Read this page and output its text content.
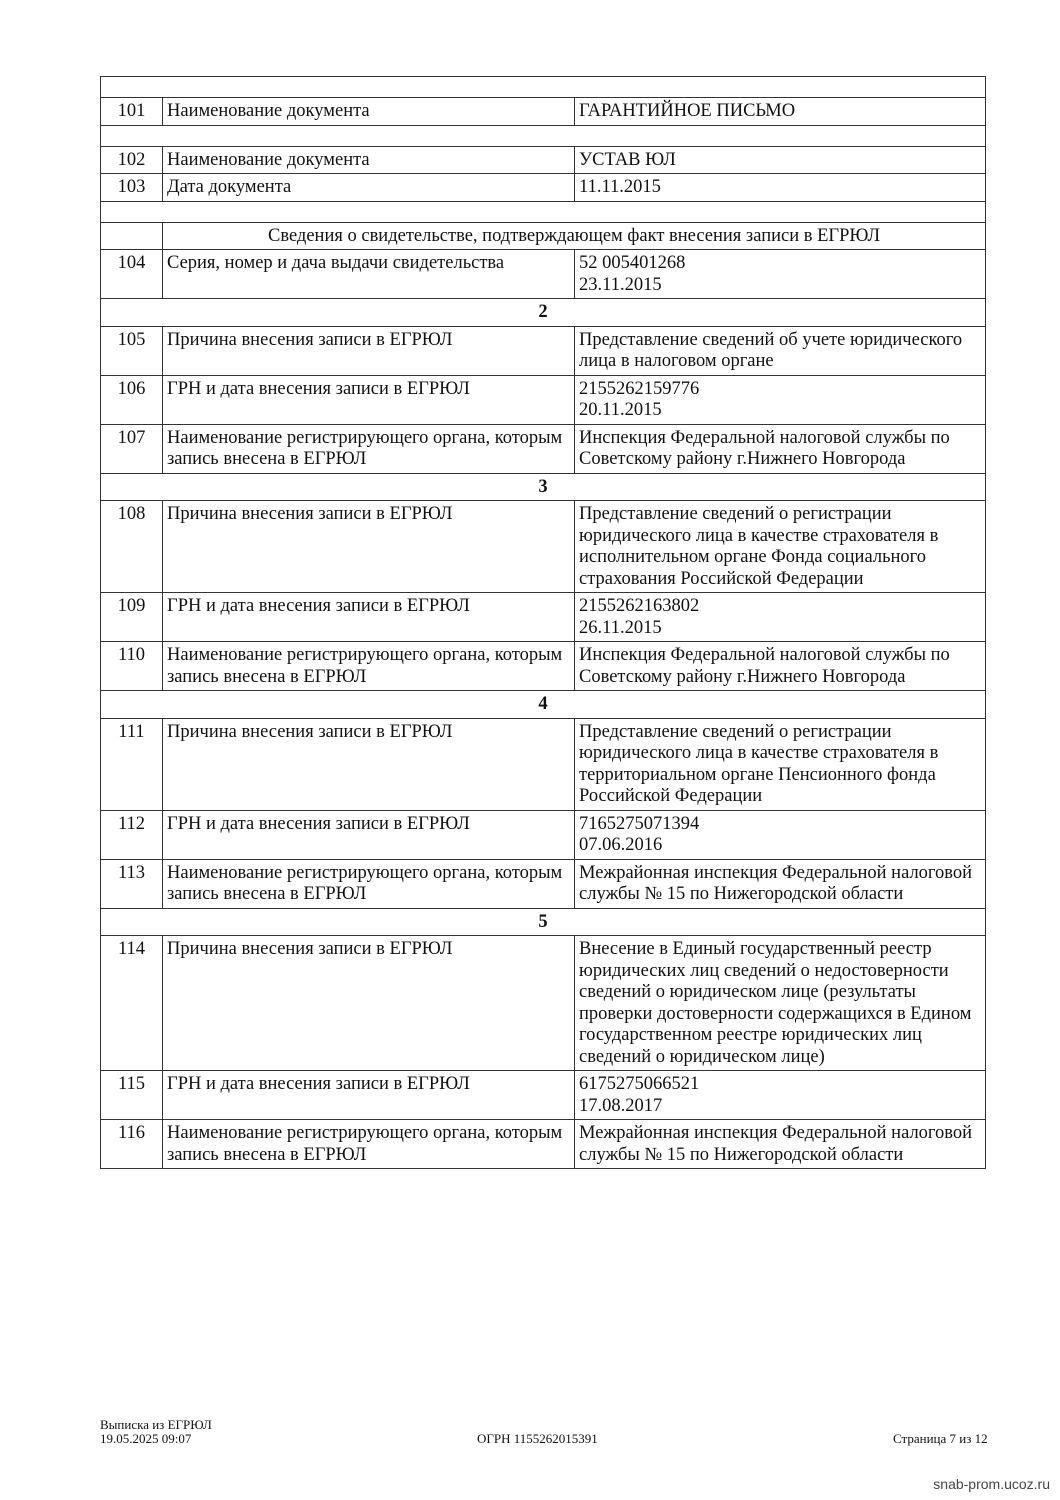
101	Наименование документа	ГАРАНТИЙНОЕ ПИСЬМО

102	Наименование документа	УСТАВ ЮЛ
103	Дата документа	11.11.2015

	Сведения о свидетельстве, подтверждающем факт внесения записи в ЕГРЮЛ	
104	Серия, номер и дача выдачи свидетельства	52 005401268
23.11.2015
2		
105	Причина внесения записи в ЕГРЮЛ	Представление сведений об учете юридического лица в налоговом органе
106	ГРН и дата внесения записи в ЕГРЮЛ	2155262159776
20.11.2015
107	Наименование регистрирующего органа, которым запись внесена в ЕГРЮЛ	Инспекция Федеральной налоговой службы по Советскому району г.Нижнего Новгорода
3		
108	Причина внесения записи в ЕГРЮЛ	Представление сведений о регистрации юридического лица в качестве страхователя в исполнительном органе Фонда социального страхования Российской Федерации
109	ГРН и дата внесения записи в ЕГРЮЛ	2155262163802
26.11.2015
110	Наименование регистрирующего органа, которым запись внесена в ЕГРЮЛ	Инспекция Федеральной налоговой службы по Советскому району г.Нижнего Новгорода
4		
111	Причина внесения записи в ЕГРЮЛ	Представление сведений о регистрации юридического лица в качестве страхователя в территориальном органе Пенсионного фонда Российской Федерации
112	ГРН и дата внесения записи в ЕГРЮЛ	7165275071394
07.06.2016
113	Наименование регистрирующего органа, которым запись внесена в ЕГРЮЛ	Межрайонная инспекция Федеральной налоговой службы № 15 по Нижегородской области
5		
114	Причина внесения записи в ЕГРЮЛ	Внесение в Единый государственный реестр юридических лиц сведений о недостоверности сведений о юридическом лице (результаты проверки достоверности содержащихся в Едином государственном реестре юридических лиц сведений о юридическом лице)
115	ГРН и дата внесения записи в ЕГРЮЛ	6175275066521
17.08.2017
116	Наименование регистрирующего органа, которым запись внесена в ЕГРЮЛ	Межрайонная инспекция Федеральной налоговой службы № 15 по Нижегородской области
Выписка из ЕГРЮЛ
19.05.2025 09:07	ОГРН 1155262015391	Страница 7 из 12
snab-prom.ucoz.ru
